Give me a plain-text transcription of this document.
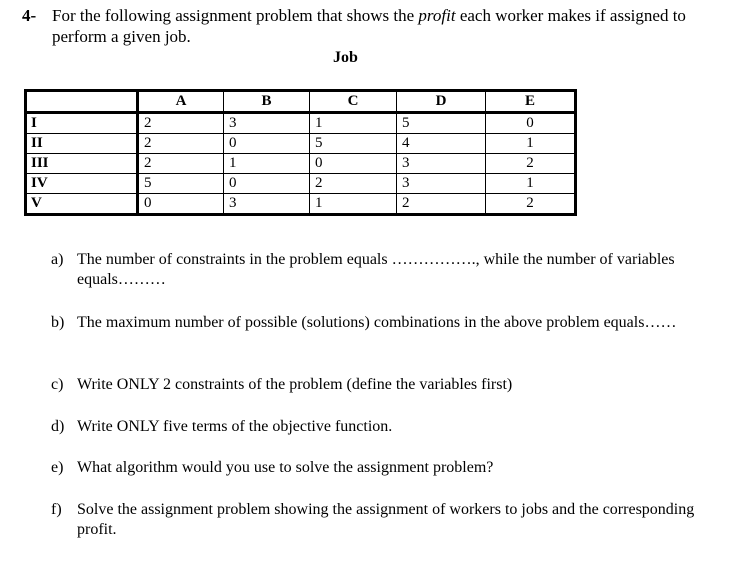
4- For the following assignment problem that shows the profit each worker makes if assigned to perform a given job.
Job
	A	B	C	D	E
I	2	3	1	5	0
II	2	0	5	4	1
III	2	1	0	3	2
IV	5	0	2	3	1
V	0	3	1	2	2
a) The number of constraints in the problem equals ……………., while the number of variables equals………
b) The maximum number of possible (solutions) combinations in the above problem equals……
c) Write ONLY 2 constraints of the problem (define the variables first)
d) Write ONLY five terms of the objective function.
e) What algorithm would you use to solve the assignment problem?
f) Solve the assignment problem showing the assignment of workers to jobs and the corresponding profit.
